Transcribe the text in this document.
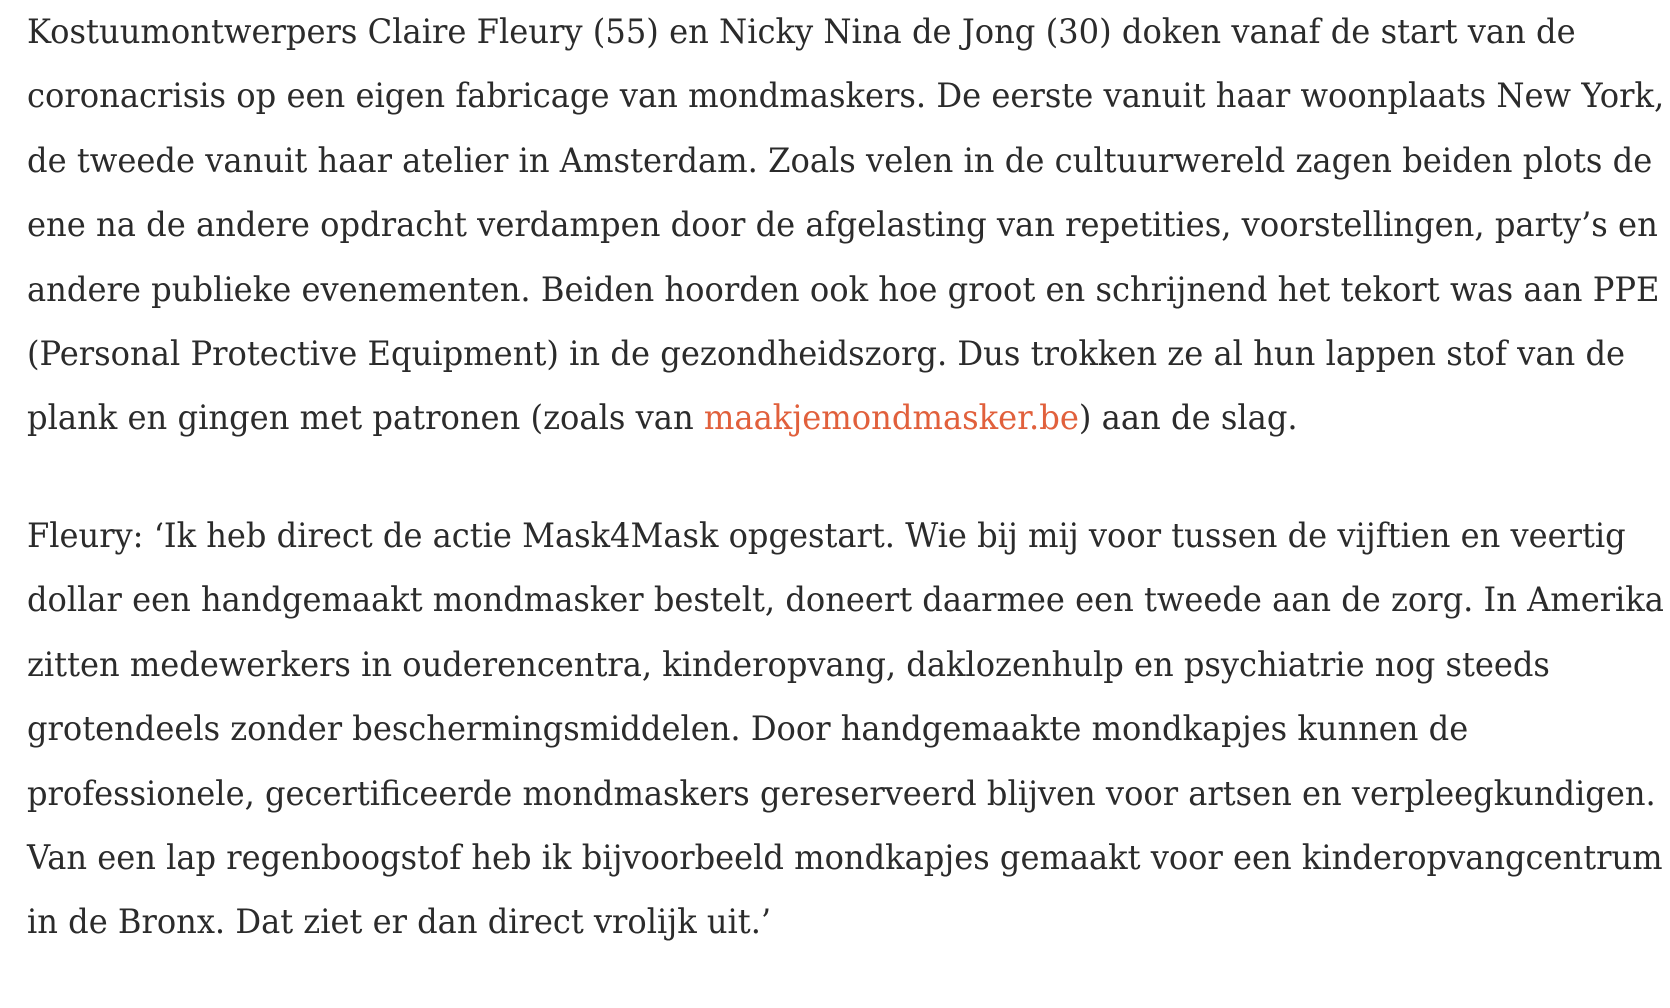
Kostuumontwerpers Claire Fleury (55) en Nicky Nina de Jong (30) doken vanaf de start van de
coronacrisis op een eigen fabricage van mondmaskers. De eerste vanuit haar woonplaats New York,
de tweede vanuit haar atelier in Amsterdam. Zoals velen in de cultuurwereld zagen beiden plots de
ene na de andere opdracht verdampen door de afgelasting van repetities, voorstellingen, party’s en
andere publieke evenementen. Beiden hoorden ook hoe groot en schrijnend het tekort was aan PPE
(Personal Protective Equipment) in de gezondheidszorg. Dus trokken ze al hun lappen stof van de
plank en gingen met patronen (zoals van maakjemondmasker.be) aan de slag.

Fleury: ‘Ik heb direct de actie Mask4Mask opgestart. Wie bij mij voor tussen de vijftien en veertig
dollar een handgemaakt mondmasker bestelt, doneert daarmee een tweede aan de zorg. In Amerika
zitten medewerkers in ouderencentra, kinderopvang, daklozenhulp en psychiatrie nog steeds
grotendeels zonder beschermingsmiddelen. Door handgemaakte mondkapjes kunnen de
professionele, gecertificeerde mondmaskers gereserveerd blijven voor artsen en verpleegkundigen.
Van een lap regenboogstof heb ik bijvoorbeeld mondkapjes gemaakt voor een kinderopvangcentrum
in de Bronx. Dat ziet er dan direct vrolijk uit.’
